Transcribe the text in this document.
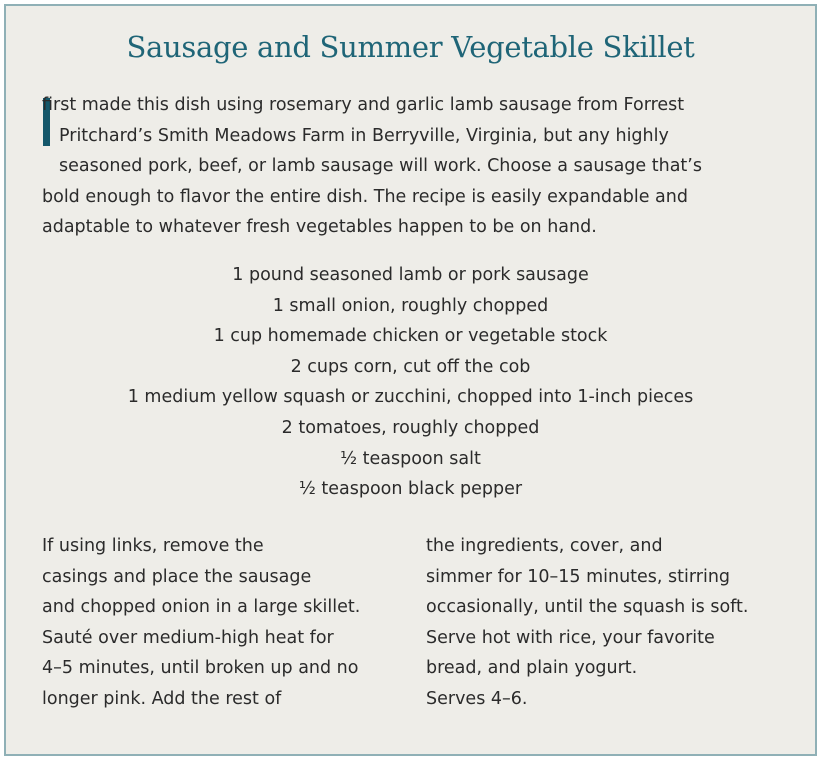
Sausage and Summer Vegetable Skillet
first made this dish using rosemary and garlic lamb sausage from Forrest
Pritchard’s Smith Meadows Farm in Berryville, Virginia, but any highly
seasoned pork, beef, or lamb sausage will work. Choose a sausage that’s
bold enough to flavor the entire dish. The recipe is easily expandable and
adaptable to whatever fresh vegetables happen to be on hand.
1 pound seasoned lamb or pork sausage
1 small onion, roughly chopped
1 cup homemade chicken or vegetable stock
2 cups corn, cut off the cob
1 medium yellow squash or zucchini, chopped into 1-inch pieces
2 tomatoes, roughly chopped
½ teaspoon salt
½ teaspoon black pepper
If using links, remove the
casings and place the sausage
and chopped onion in a large skillet.
Sauté over medium-high heat for
4–5 minutes, until broken up and no
longer pink. Add the rest of
the ingredients, cover, and
simmer for 10–15 minutes, stirring
occasionally, until the squash is soft.
Serve hot with rice, your favorite
bread, and plain yogurt.
Serves 4–6.
